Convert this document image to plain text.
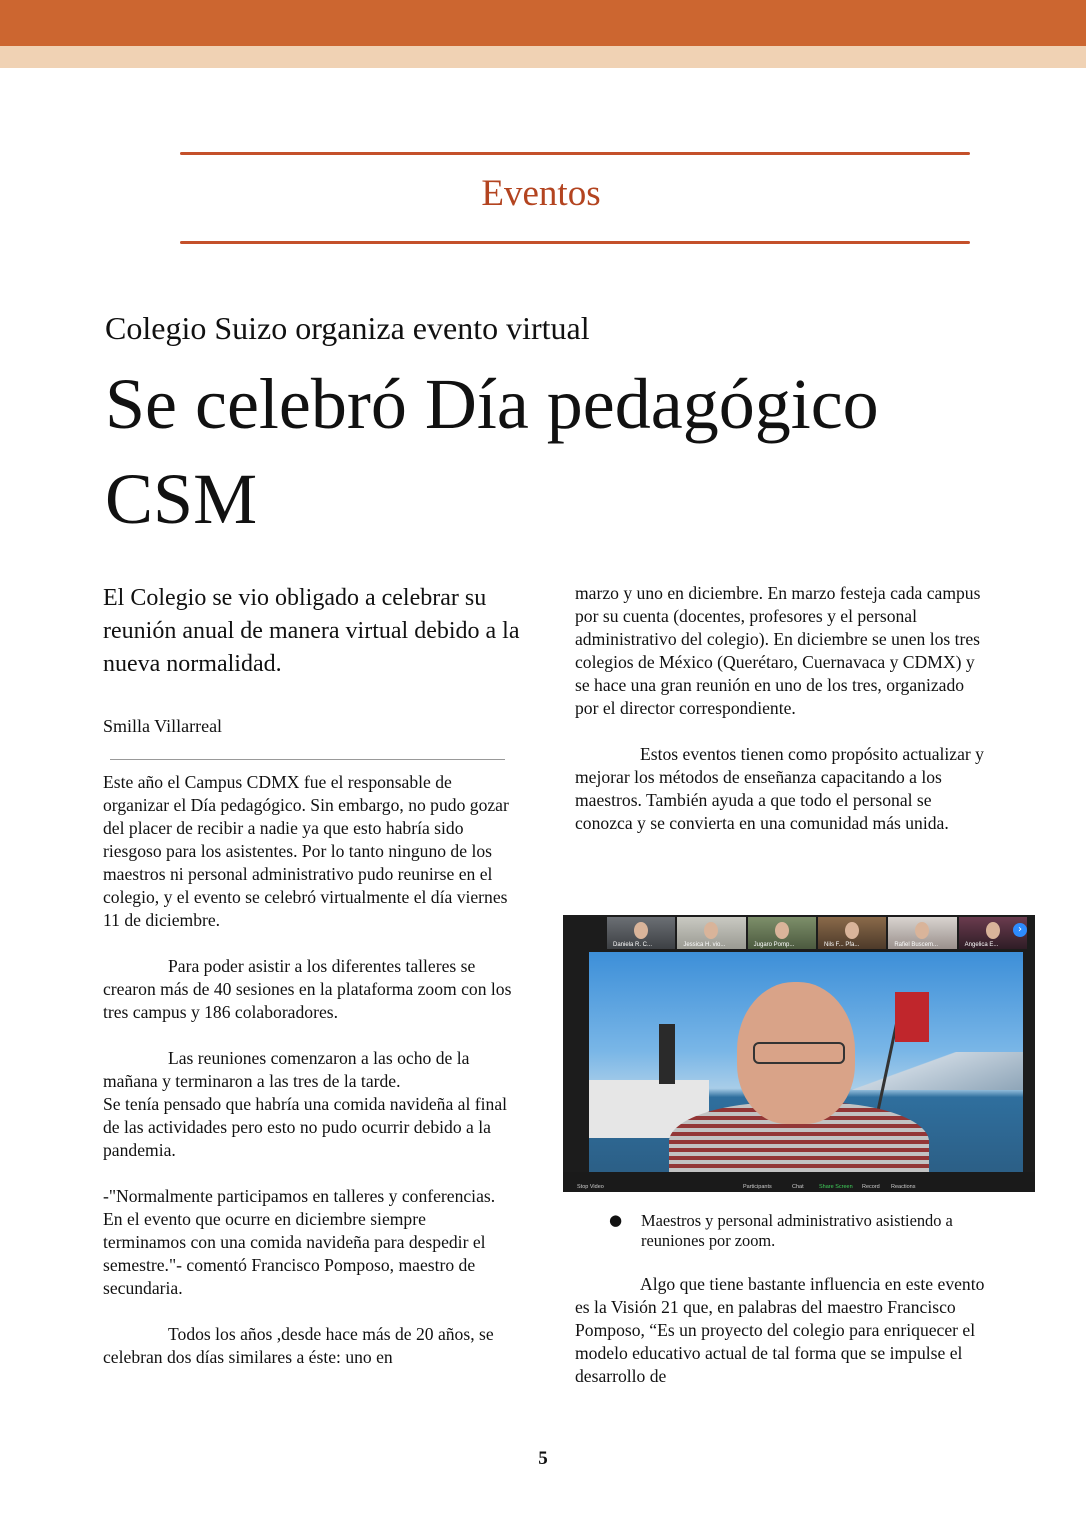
Eventos
Colegio Suizo organiza evento virtual
Se celebró Día pedagógico
CSM

El Colegio se vio obligado a celebrar su reunión anual de manera virtual debido a la nueva normalidad.

Smilla Villarreal

Este año el Campus CDMX fue el responsable de organizar el Día pedagógico. Sin embargo, no pudo gozar del placer de recibir a nadie ya que esto habría sido riesgoso para los asistentes. Por lo tanto ninguno de los maestros ni personal administrativo pudo reunirse en el colegio, y el evento se celebró virtualmente el día viernes 11 de diciembre.

Para poder asistir a los diferentes talleres se crearon más de 40 sesiones en la plataforma zoom con los tres campus y 186 colaboradores.

Las reuniones comenzaron a las ocho de la mañana y terminaron a las tres de la tarde.

Se tenía pensado que habría una comida navideña al final de las actividades pero esto no pudo ocurrir debido a la pandemia.

-"Normalmente participamos en talleres y conferencias. En el evento que ocurre en diciembre siempre terminamos con una comida navideña para despedir el semestre."- comentó Francisco Pomposo, maestro de secundaria.

Todos los años ,desde hace más de 20 años, se celebran dos días similares a éste: uno en

marzo y uno en diciembre. En marzo festeja cada campus por su cuenta (docentes, profesores y el personal administrativo del colegio). En diciembre se unen los tres colegios de México (Querétaro, Cuernavaca y CDMX) y se hace una gran reunión en uno de los tres, organizado por el director correspondiente.

Estos eventos tienen como propósito actualizar y mejorar los métodos de enseñanza capacitando a los maestros. También ayuda a que todo el personal se conozca y se convierta en una comunidad más unida.

Daniela R. C...	Jessica H. vio...	Jugaro Pomp...	Nils F... Pfa...	Rafiel Buscem...	Angelica E...
›
Stop Video	Participants	Chat	Share Screen Record Reactions
● Maestros y personal administrativo asistiendo a reuniones por zoom.

Algo que tiene bastante influencia en este evento es la Visión 21 que, en palabras del maestro Francisco Pomposo, “Es un proyecto del colegio para enriquecer el modelo educativo actual de tal forma que se impulse el desarrollo de

5
